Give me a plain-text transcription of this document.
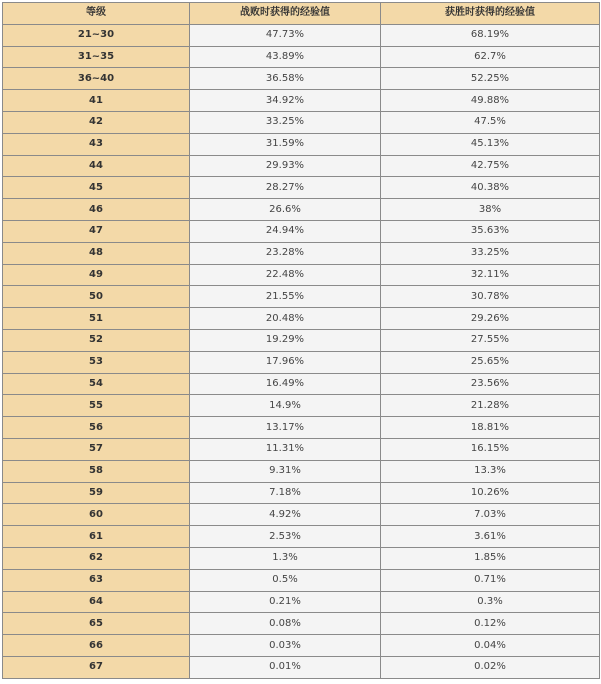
等级	战败时获得的经验值	获胜时获得的经验值
21~30	47.73%	68.19%
31~35	43.89%	62.7%
36~40	36.58%	52.25%
41	34.92%	49.88%
42	33.25%	47.5%
43	31.59%	45.13%
44	29.93%	42.75%
45	28.27%	40.38%
46	26.6%	38%
47	24.94%	35.63%
48	23.28%	33.25%
49	22.48%	32.11%
50	21.55%	30.78%
51	20.48%	29.26%
52	19.29%	27.55%
53	17.96%	25.65%
54	16.49%	23.56%
55	14.9%	21.28%
56	13.17%	18.81%
57	11.31%	16.15%
58	9.31%	13.3%
59	7.18%	10.26%
60	4.92%	7.03%
61	2.53%	3.61%
62	1.3%	1.85%
63	0.5%	0.71%
64	0.21%	0.3%
65	0.08%	0.12%
66	0.03%	0.04%
67	0.01%	0.02%
